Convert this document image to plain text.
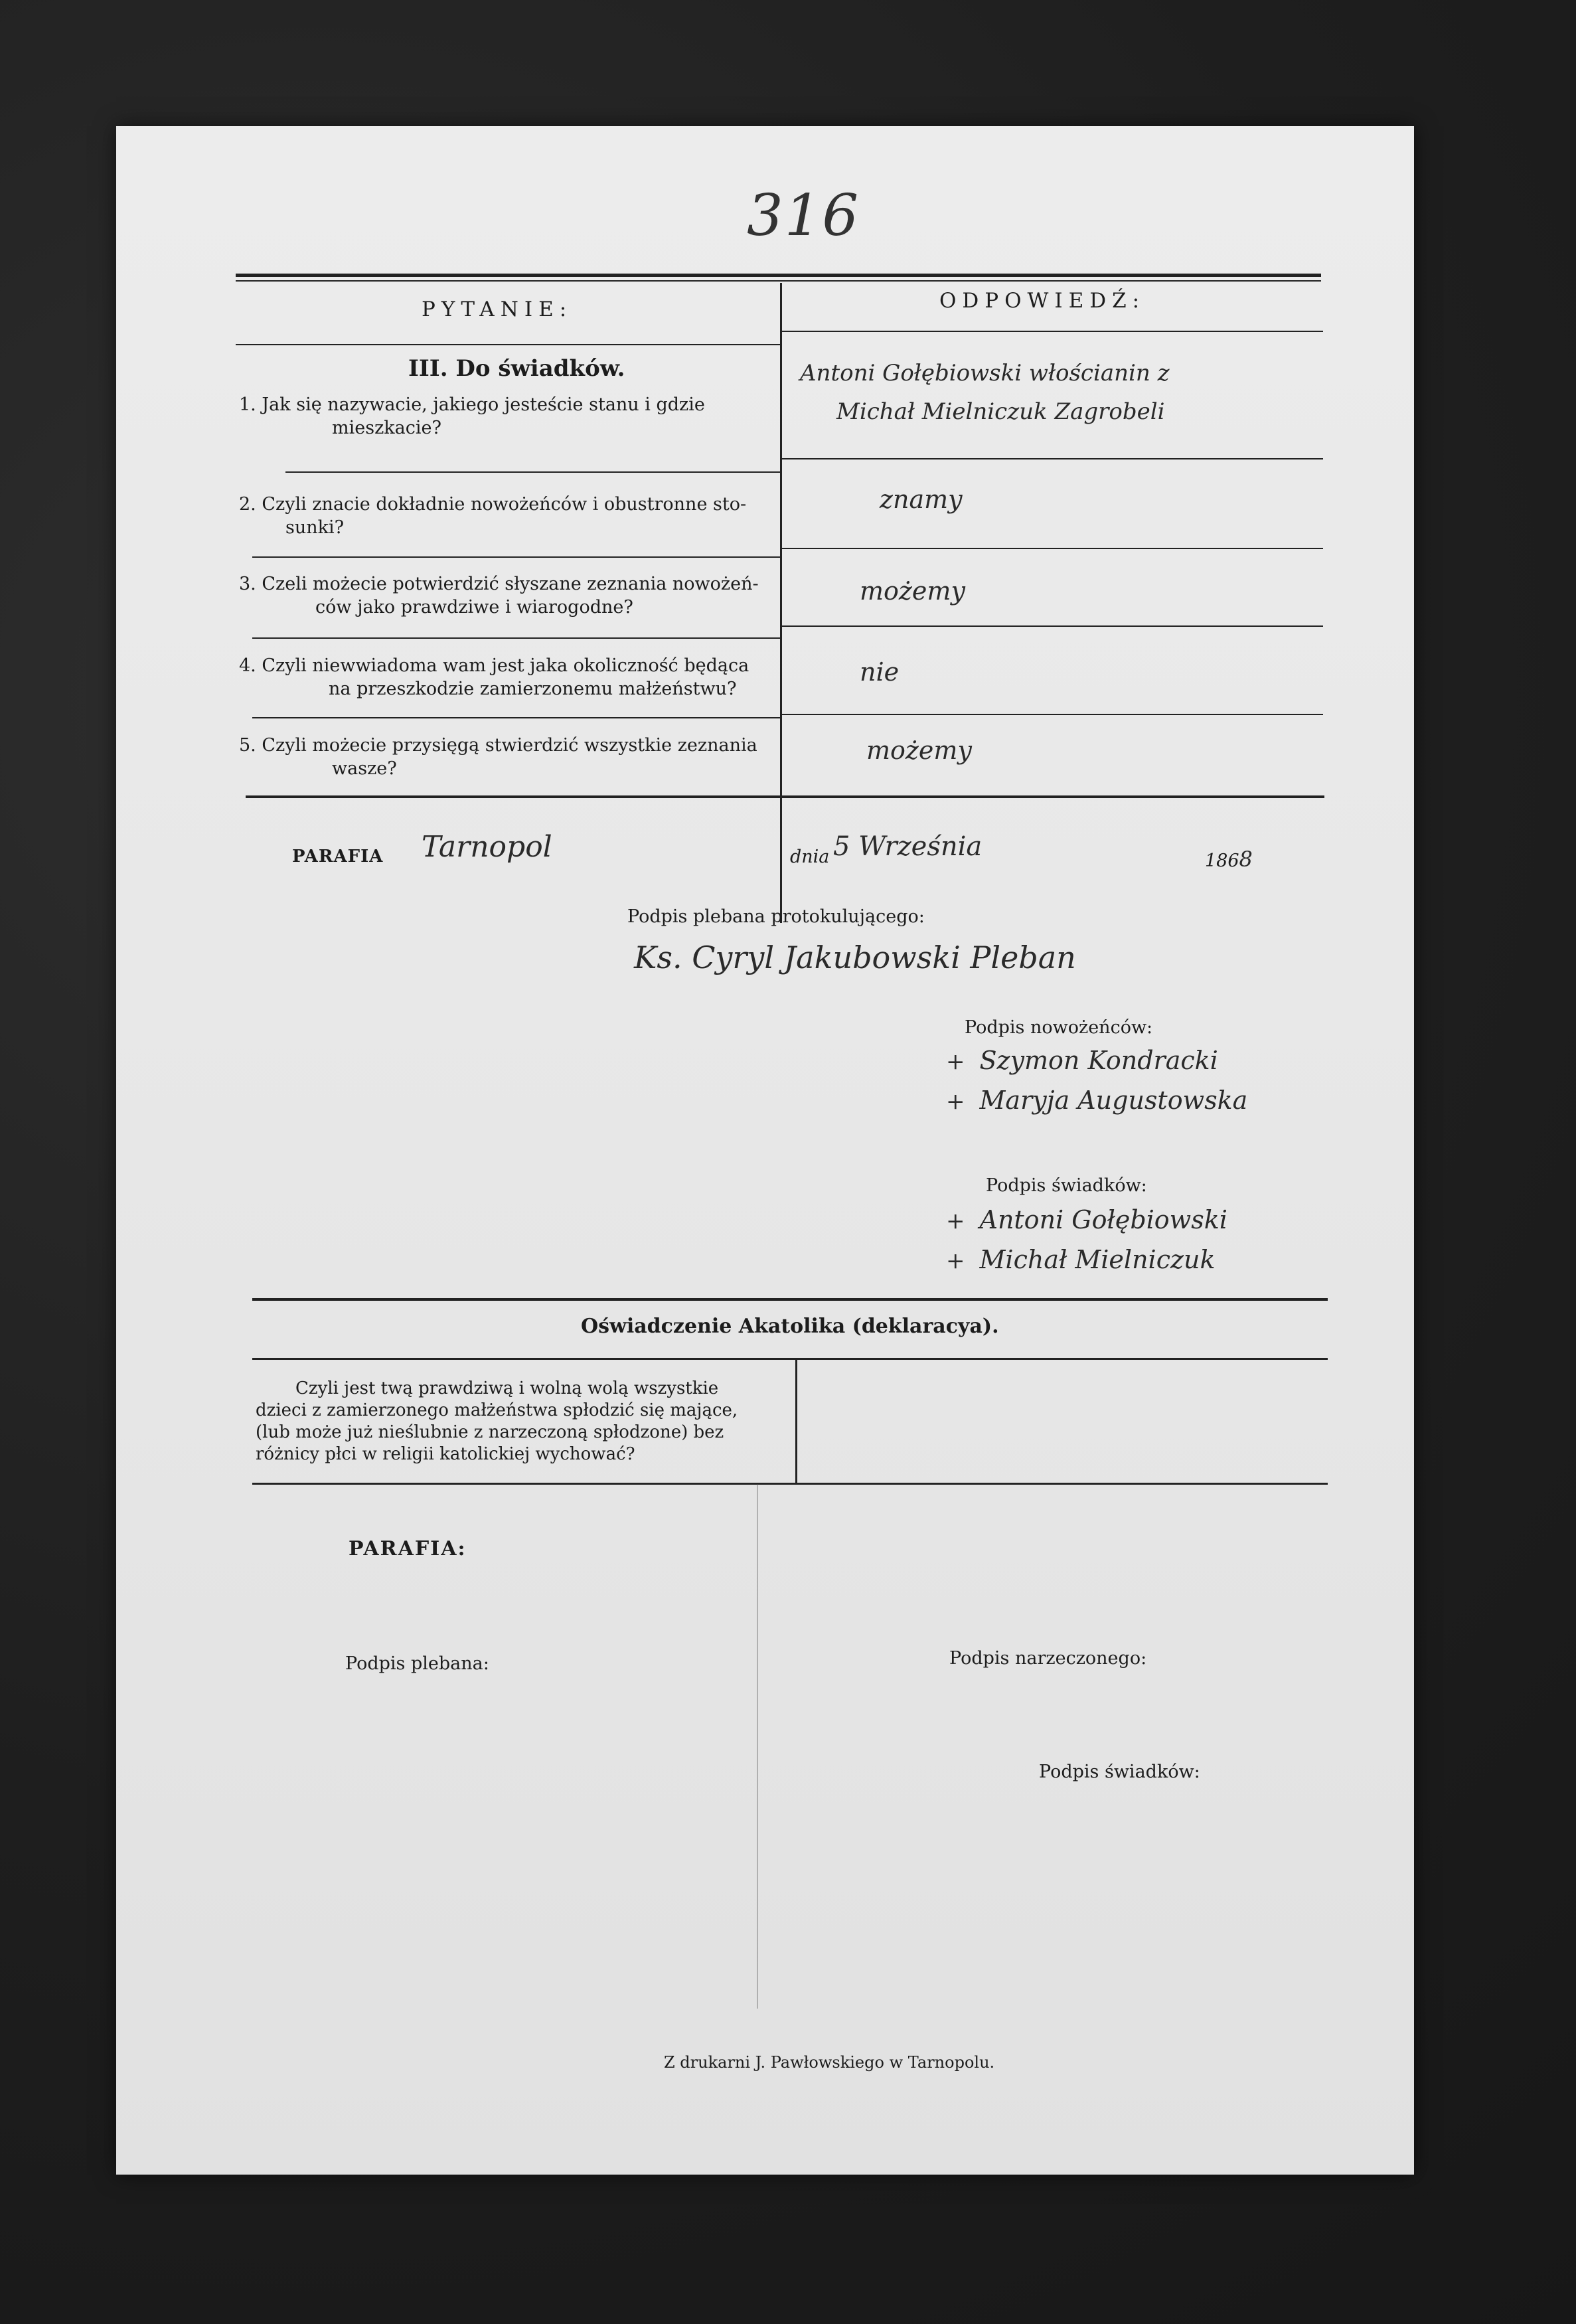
316
PYTANIE:	ODPOWIEDŹ:
III. Do świadków.
1. Jak się nazywacie, jakiego jesteście stanu i gdzie
mieszkacie?
Antoni Gołębiowski włościanin z
Michał Mielniczuk Zagrobeli
2. Czyli znacie dokładnie nowożeńców i obustronne sto-
sunki?
znamy
3. Czeli możecie potwierdzić słyszane zeznania nowożeń-
ców jako prawdziwe i wiarogodne?
możemy
4. Czyli niewwiadoma wam jest jaka okoliczność będąca
na przeszkodzie zamierzonemu małżeństwu?
nie
5. Czyli możecie przysięgą stwierdzić wszystkie zeznania
wasze?
możemy
PARAFIA Tarnopol	dnia 5 Września	1868
Podpis plebana protokulującego:
Ks. Cyryl Jakubowski Pleban
Podpis nowożeńców:
+ Szymon Kondracki
+ Maryja Augustowska
Podpis świadków:
+ Antoni Gołębiowski
+ Michał Mielniczuk
Oświadczenie Akatolika (deklaracya).
Czyli jest twą prawdziwą i wolną wolą wszystkie
dzieci z zamierzonego małżeństwa spłodzić się mające,
(lub może już nieślubnie z narzeczoną spłodzone) bez
różnicy płci w religii katolickiej wychować?
PARAFIA:
Podpis plebana:	Podpis narzeczonego:
Podpis świadków:
Z drukarni J. Pawłowskiego w Tarnopolu.
